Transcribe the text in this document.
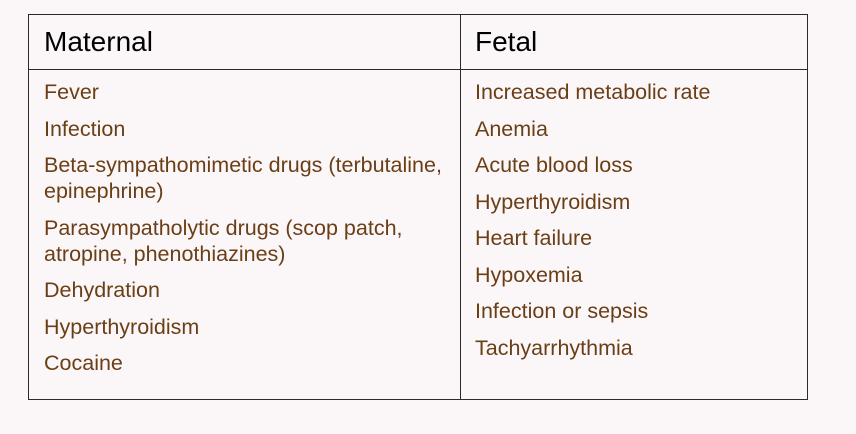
Maternal
Fever
Infection
Beta-sympathomimetic drugs (terbutaline, epinephrine)
Parasympatholytic drugs (scop patch, atropine, phenothiazines)
Dehydration
Hyperthyroidism
Cocaine
Fetal
Increased metabolic rate
Anemia
Acute blood loss
Hyperthyroidism
Heart failure
Hypoxemia
Infection or sepsis
Tachyarrhythmia
